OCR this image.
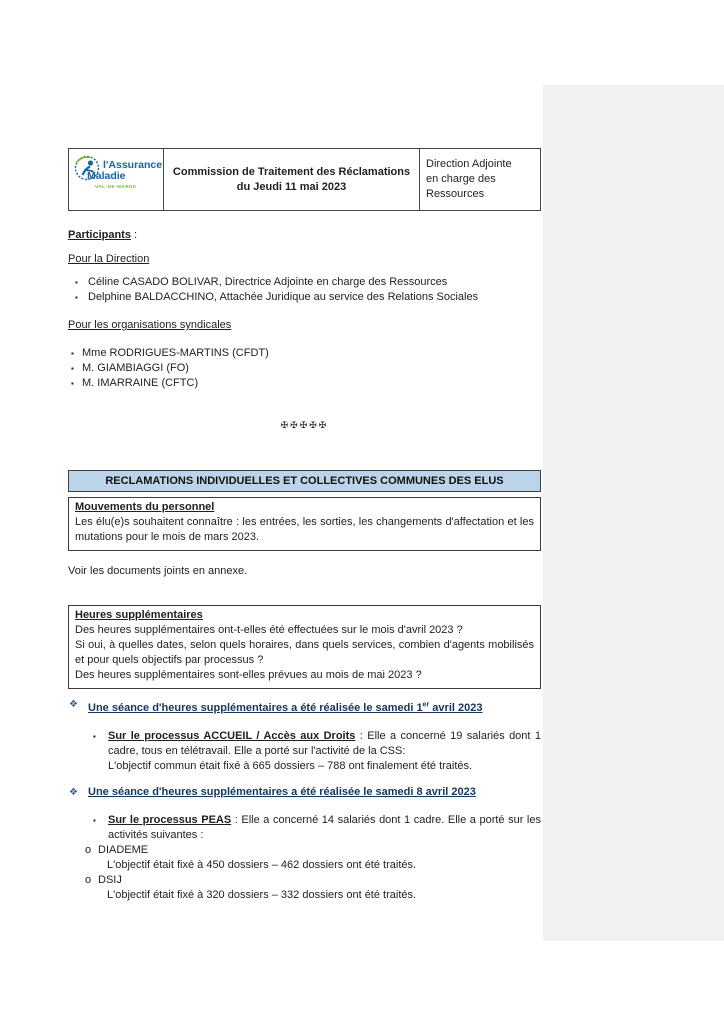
l'Assurance
Maladie
VAL-DE-MARNE
Commission de Traitement des Réclamations
du Jeudi 11 mai 2023
Direction Adjointe
en charge des Ressources
Participants :
Pour la Direction
▪ Céline CASADO BOLIVAR, Directrice Adjointe en charge des Ressources
▪ Delphine BALDACCHINO, Attachée Juridique au service des Relations Sociales
Pour les organisations syndicales
▪ Mme RODRIGUES-MARTINS (CFDT)
▪ M. GIAMBIAGGI (FO)
▪ M. IMARRAINE (CFTC)
✠✠✠✠✠
RECLAMATIONS INDIVIDUELLES ET COLLECTIVES COMMUNES DES ELUS
Mouvements du personnel

Les élu(e)s souhaitent connaître : les entrées, les sorties, les changements d'affectation et les mutations pour le mois de mars 2023.

Voir les documents joints en annexe.
Heures supplémentaires

Des heures supplémentaires ont-t-elles été effectuées sur le mois d'avril 2023 ?

Si oui, à quelles dates, selon quels horaires, dans quels services, combien d'agents mobilisés et pour quels objectifs par processus ?

Des heures supplémentaires sont-elles prévues au mois de mai 2023 ?

❖ Une séance d'heures supplémentaires a été réalisée le samedi 1er avril 2023
▪ Sur le processus ACCUEIL / Accès aux Droits : Elle a concerné 19 salariés dont 1 cadre, tous en télétravail. Elle a porté sur l'activité de la CSS:

L'objectif commun était fixé à 665 dossiers – 788 ont finalement été traités.

❖ Une séance d'heures supplémentaires a été réalisée le samedi 8 avril 2023
▪ Sur le processus PEAS : Elle a concerné 14 salariés dont 1 cadre. Elle a porté sur les activités suivantes :

o DIADEME
L'objectif était fixé à 450 dossiers – 462 dossiers ont été traités.
o DSIJ
L'objectif était fixé à 320 dossiers – 332 dossiers ont été traités.
